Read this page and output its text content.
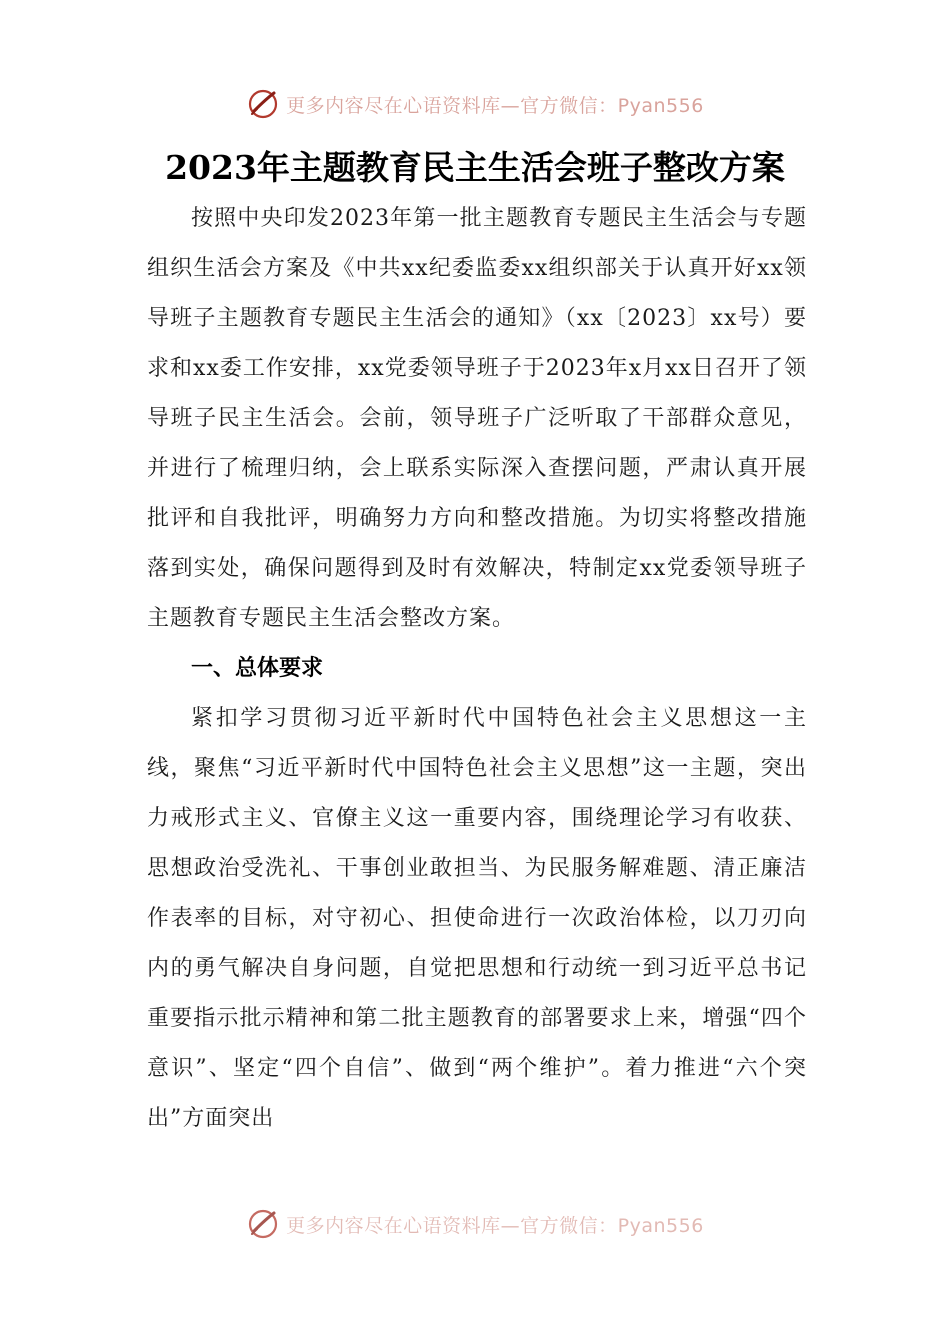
更多内容尽在心语资料库—官方微信：Pyan556
2023年主题教育民主生活会班子整改方案

按照中央印发2023年第一批主题教育专题民主生活会与专题组织生活会方案及《中共xx纪委监委xx组织部关于认真开好xx领导班子主题教育专题民主生活会的通知》（xx〔2023〕xx号）要求和xx委工作安排，xx党委领导班子于2023年x月xx日召开了领导班子民主生活会。会前，领导班子广泛听取了干部群众意见，并进行了梳理归纳，会上联系实际深入查摆问题，严肃认真开展批评和自我批评，明确努力方向和整改措施。为切实将整改措施落到实处，确保问题得到及时有效解决，特制定xx党委领导班子主题教育专题民主生活会整改方案。

一、总体要求

紧扣学习贯彻习近平新时代中国特色社会主义思想这一主线，聚焦“习近平新时代中国特色社会主义思想”这一主题，突出力戒形式主义、官僚主义这一重要内容，围绕理论学习有收获、思想政治受洗礼、干事创业敢担当、为民服务解难题、清正廉洁作表率的目标，对守初心、担使命进行一次政治体检，以刀刃向内的勇气解决自身问题，自觉把思想和行动统一到习近平总书记重要指示批示精神和第二批主题教育的部署要求上来，增强“四个意识”、坚定“四个自信”、做到“两个维护”。着力推进“六个突出”方面突出

更多内容尽在心语资料库—官方微信：Pyan556
